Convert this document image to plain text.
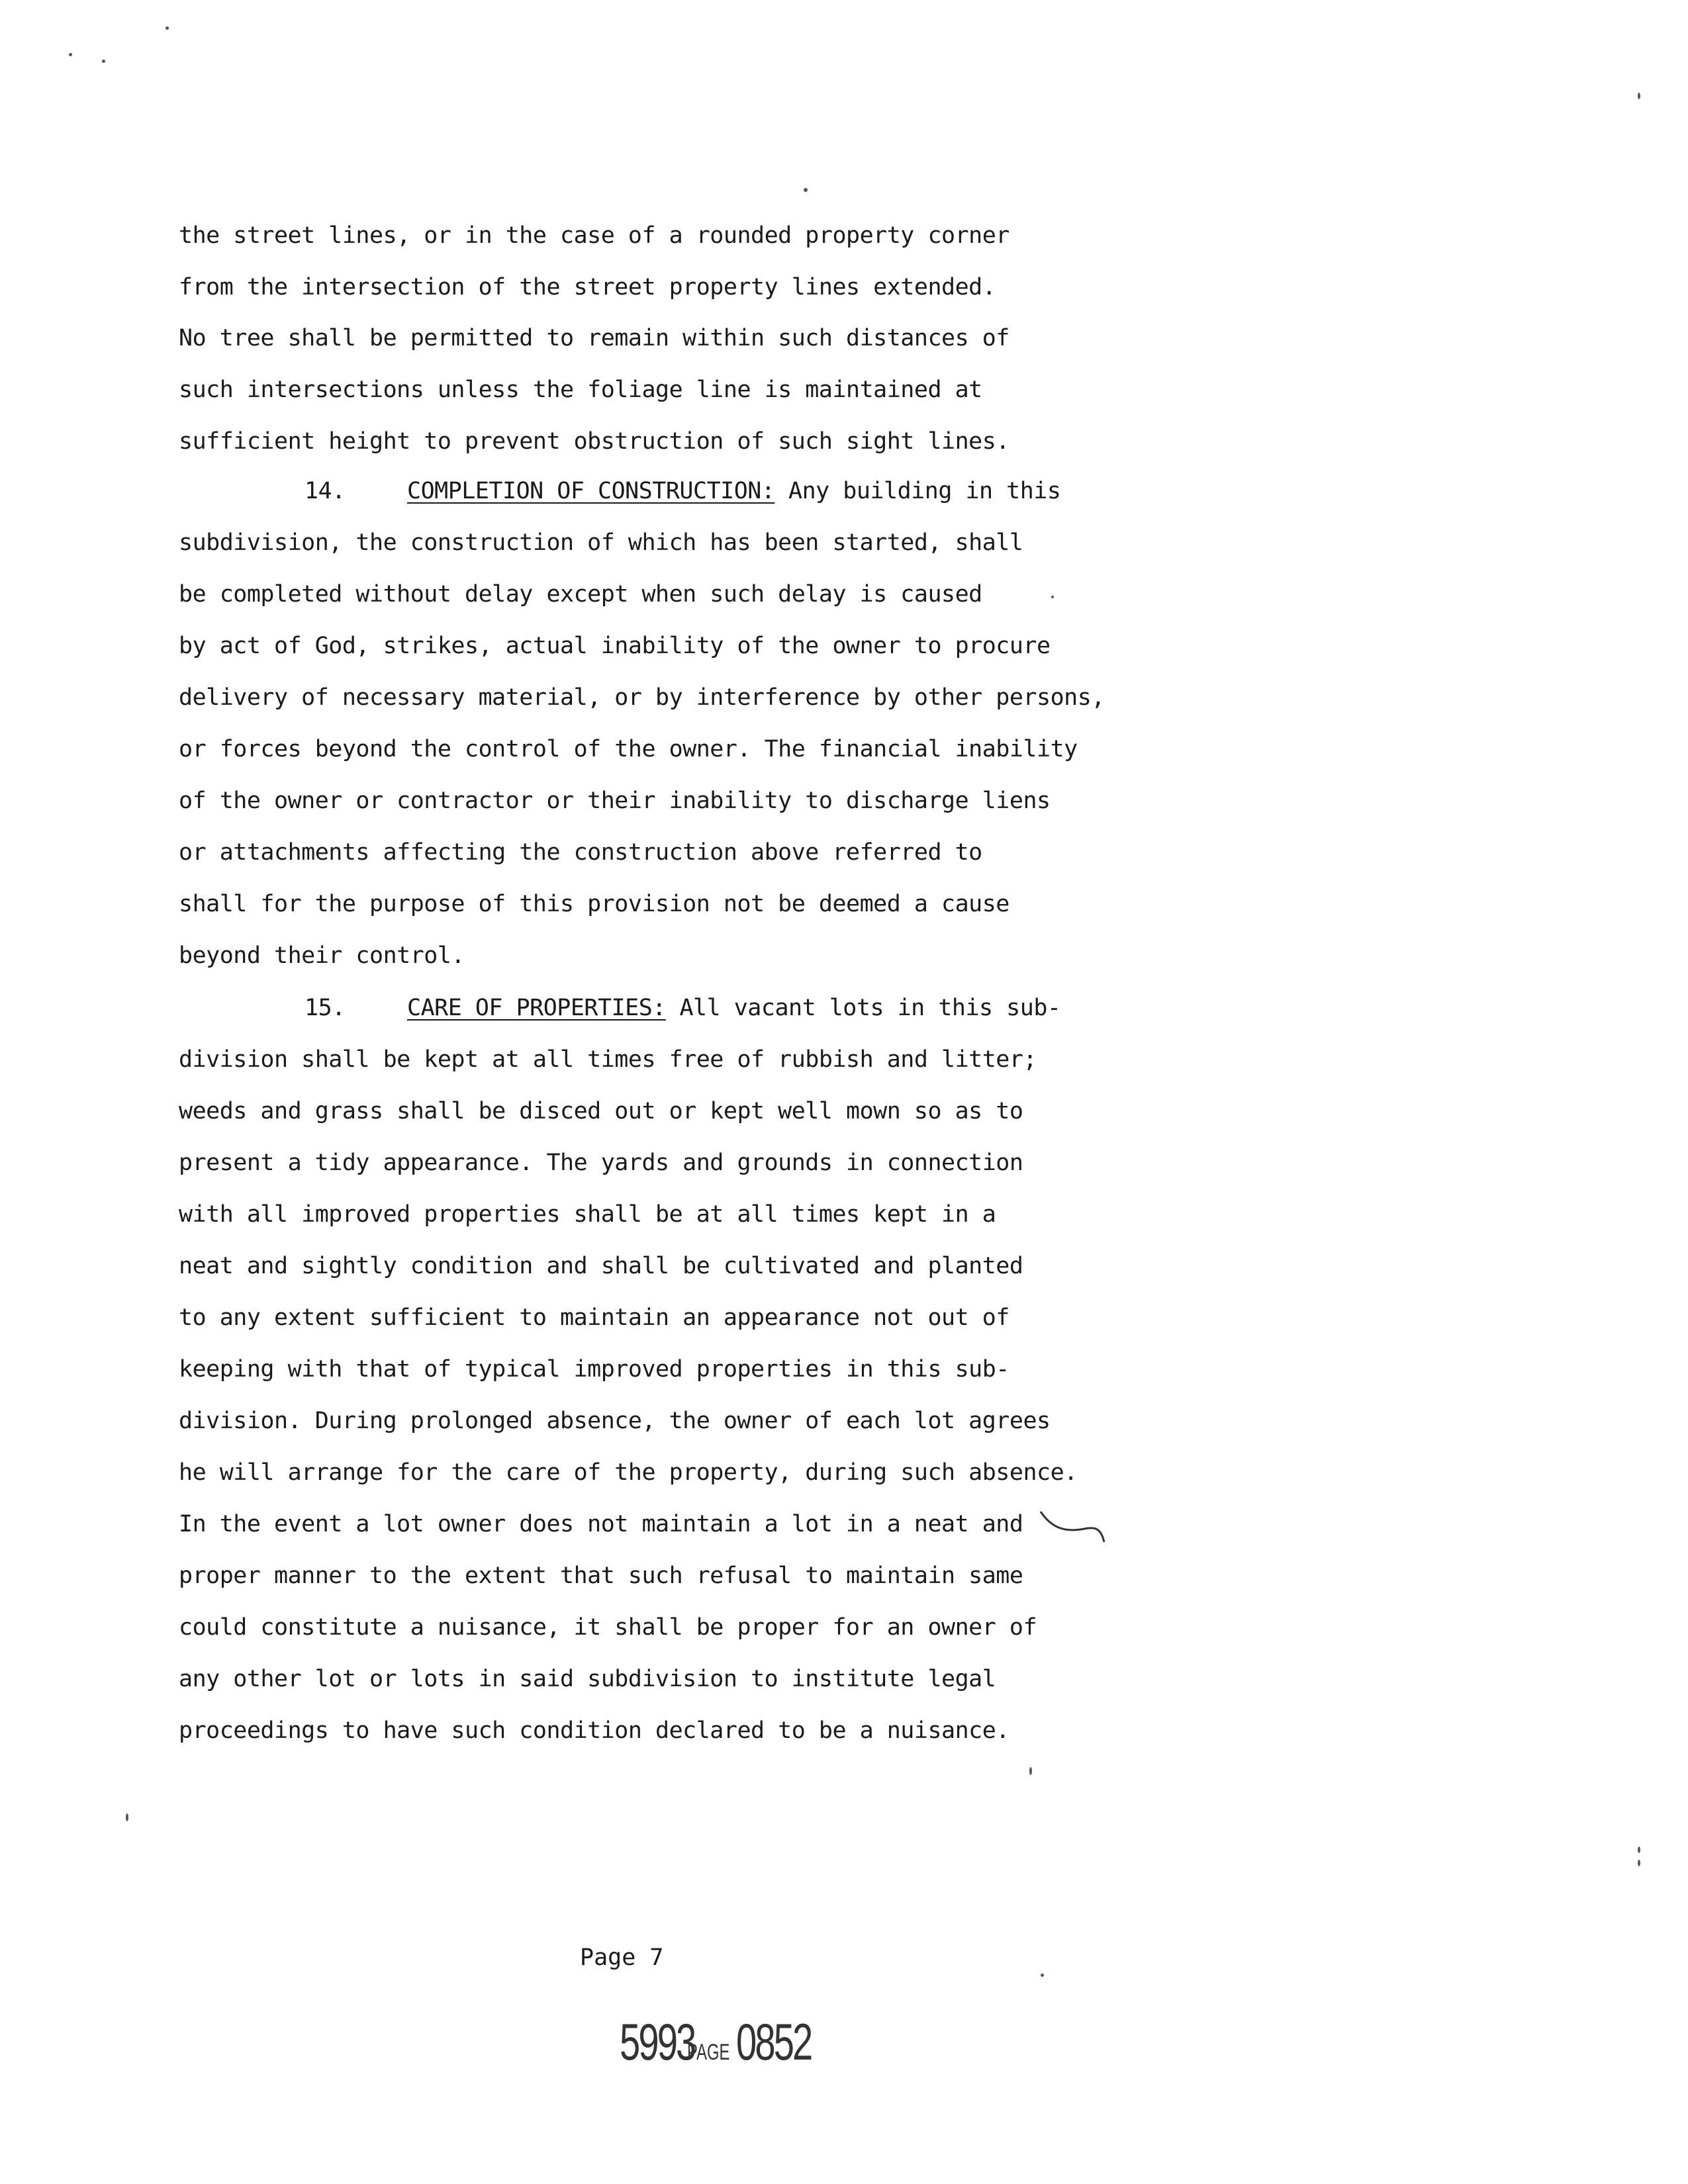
the street lines, or in the case of a rounded property corner
from the intersection of the street property lines extended.
No tree shall be permitted to remain within such distances of
such intersections unless the foliage line is maintained at
sufficient height to prevent obstruction of such sight lines.
14.	COMPLETION OF CONSTRUCTION: Any building in this
subdivision, the construction of which has been started, shall
be completed without delay except when such delay is caused
by act of God, strikes, actual inability of the owner to procure
delivery of necessary material, or by interference by other persons,
or forces beyond the control of the owner. The financial inability
of the owner or contractor or their inability to discharge liens
or attachments affecting the construction above referred to
shall for the purpose of this provision not be deemed a cause
beyond their control.
15.	CARE OF PROPERTIES: All vacant lots in this sub-
division shall be kept at all times free of rubbish and litter;
weeds and grass shall be disced out or kept well mown so as to
present a tidy appearance. The yards and grounds in connection
with all improved properties shall be at all times kept in a
neat and sightly condition and shall be cultivated and planted
to any extent sufficient to maintain an appearance not out of
keeping with that of typical improved properties in this sub-
division. During prolonged absence, the owner of each lot agrees
he will arrange for the care of the property, during such absence.
In the event a lot owner does not maintain a lot in a neat and
proper manner to the extent that such refusal to maintain same
could constitute a nuisance, it shall be proper for an owner of
any other lot or lots in said subdivision to institute legal
proceedings to have such condition declared to be a nuisance.
Page 7
5993PAGE 0852
